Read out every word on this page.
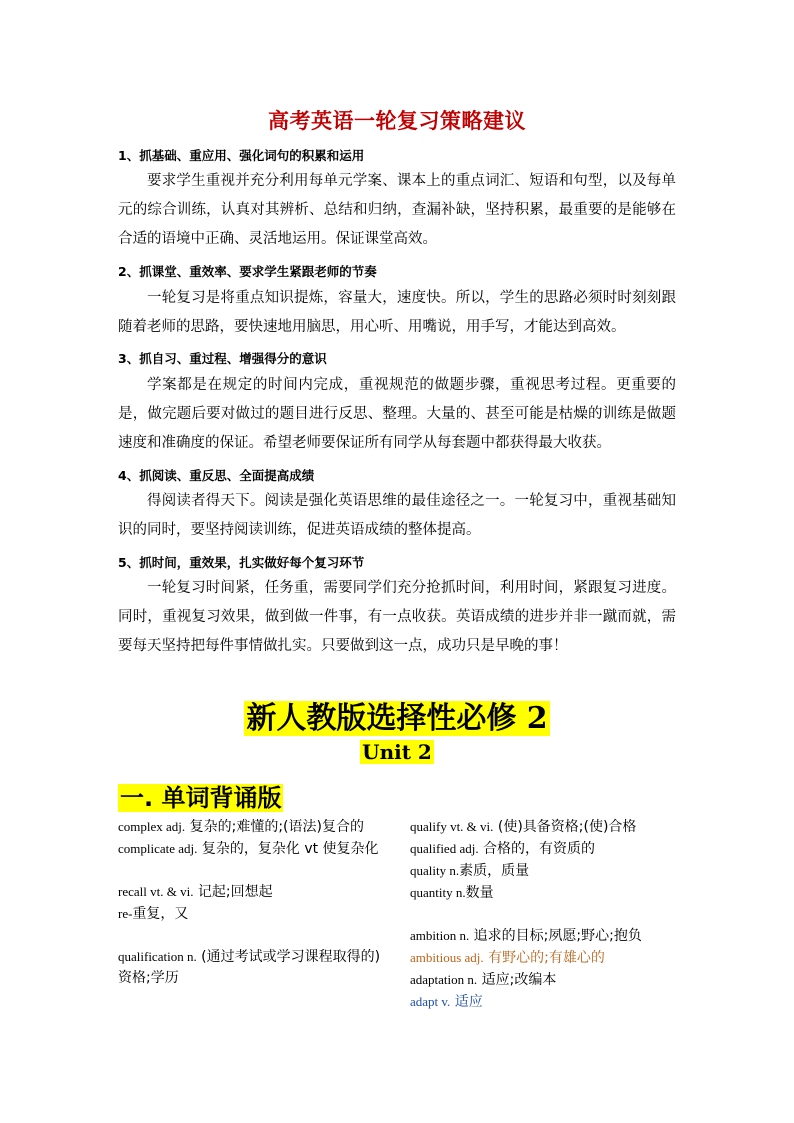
高考英语一轮复习策略建议
1、抓基础、重应用、强化词句的积累和运用
要求学生重视并充分利用每单元学案、课本上的重点词汇、短语和句型，以及每单元的综合训练，认真对其辨析、总结和归纳，查漏补缺，坚持积累，最重要的是能够在合适的语境中正确、灵活地运用。保证课堂高效。
2、抓课堂、重效率、要求学生紧跟老师的节奏
一轮复习是将重点知识提炼，容量大，速度快。所以，学生的思路必须时时刻刻跟随着老师的思路，要快速地用脑思，用心听、用嘴说，用手写，才能达到高效。
3、抓自习、重过程、增强得分的意识
学案都是在规定的时间内完成，重视规范的做题步骤，重视思考过程。更重要的是，做完题后要对做过的题目进行反思、整理。大量的、甚至可能是枯燥的训练是做题速度和准确度的保证。希望老师要保证所有同学从每套题中都获得最大收获。
4、抓阅读、重反思、全面提高成绩
得阅读者得天下。阅读是强化英语思维的最佳途径之一。一轮复习中，重视基础知识的同时，要坚持阅读训练，促进英语成绩的整体提高。
5、抓时间，重效果，扎实做好每个复习环节
一轮复习时间紧，任务重，需要同学们充分抢抓时间，利用时间，紧跟复习进度。同时，重视复习效果，做到做一件事，有一点收获。英语成绩的进步并非一蹴而就，需要每天坚持把每件事情做扎实。只要做到这一点，成功只是早晚的事！
新人教版选择性必修 2
Unit 2
一. 单词背诵版
complex adj. 复杂的;难懂的;(语法)复合的
complicate adj. 复杂的，复杂化 vt 使复杂化
recall vt. & vi. 记起;回想起
re-重复，又
qualification n. (通过考试或学习课程取得的)资格;学历
qualify vt. & vi. (使)具备资格;(使)合格
qualified adj. 合格的，有资质的
quality n.素质，质量
quantity n.数量
ambition n. 追求的目标;夙愿;野心;抱负
ambitious adj. 有野心的;有雄心的
adaptation n. 适应;改编本
adapt v. 适应
